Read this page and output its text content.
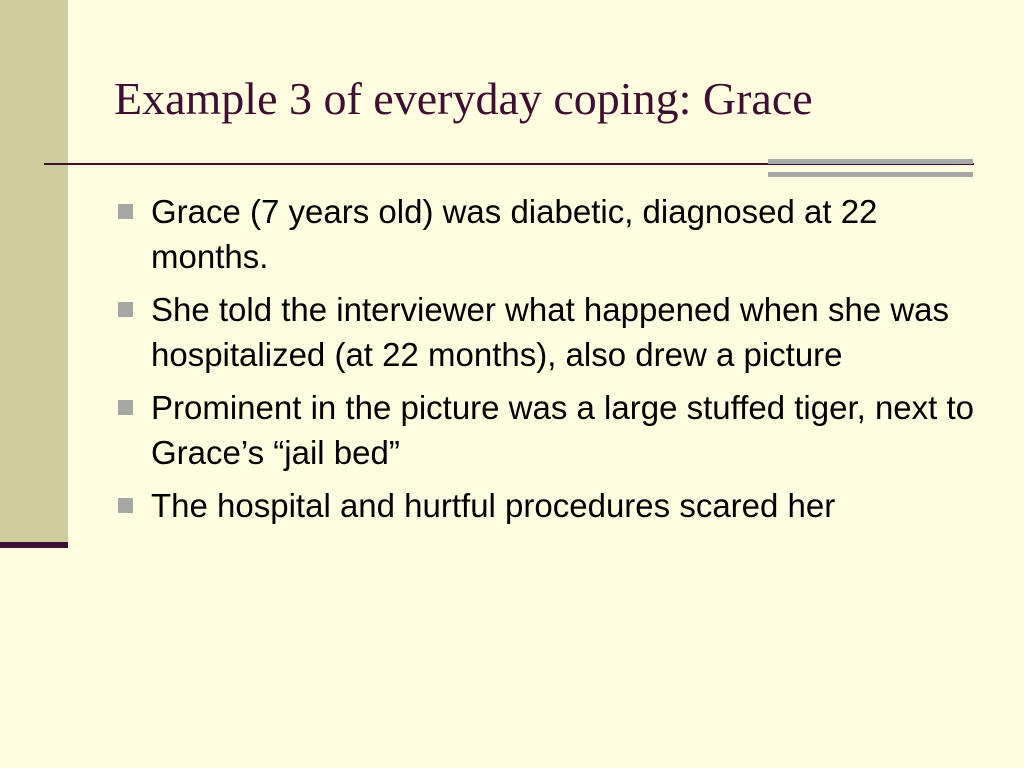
Example 3 of everyday coping: Grace
Grace (7 years old) was diabetic, diagnosed at 22 months.
She told the interviewer what happened when she was hospitalized (at 22 months), also drew a picture
Prominent in the picture was a large stuffed tiger, next to Grace’s “jail bed”
The hospital and hurtful procedures scared her
